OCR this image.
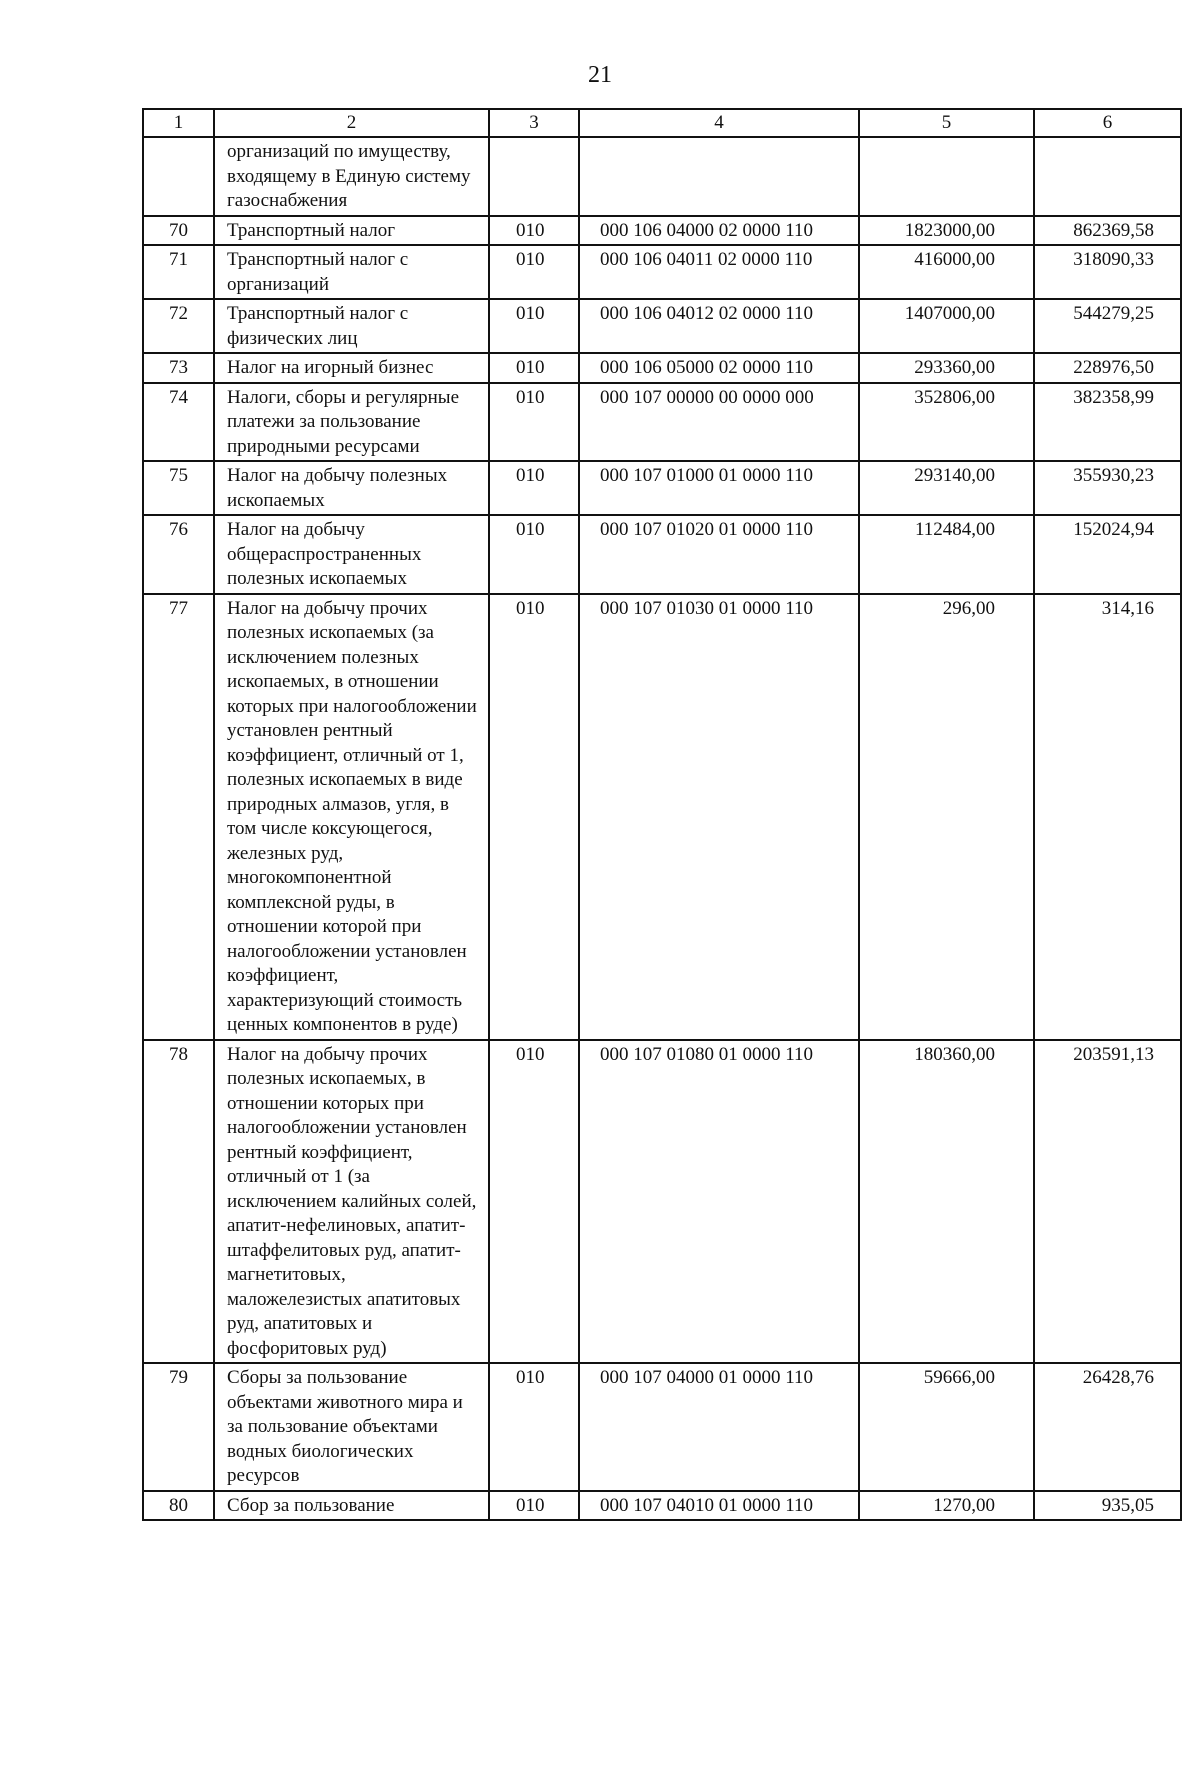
21
1	2	3	4	5	6
	организаций по имуществу, входящему в Единую систему газоснабжения				
70	Транспортный налог	010	000 106 04000 02 0000 110	1823000,00	862369,58
71	Транспортный налог с организаций	010	000 106 04011 02 0000 110	416000,00	318090,33
72	Транспортный налог с физических лиц	010	000 106 04012 02 0000 110	1407000,00	544279,25
73	Налог на игорный бизнес	010	000 106 05000 02 0000 110	293360,00	228976,50
74	Налоги, сборы и регулярные платежи за пользование природными ресурсами	010	000 107 00000 00 0000 000	352806,00	382358,99
75	Налог на добычу полезных ископаемых	010	000 107 01000 01 0000 110	293140,00	355930,23
76	Налог на добычу общераспространенных полезных ископаемых	010	000 107 01020 01 0000 110	112484,00	152024,94
77	Налог на добычу прочих полезных ископаемых (за исключением полезных ископаемых, в отношении которых при налогообложении установлен рентный коэффициент, отличный от 1, полезных ископаемых в виде природных алмазов, угля, в том числе коксующегося, железных руд, многокомпонентной комплексной руды, в отношении которой при налогообложении установлен коэффициент, характеризующий стоимость ценных компонентов в руде)	010	000 107 01030 01 0000 110	296,00	314,16
78	Налог на добычу прочих полезных ископаемых, в отношении которых при налогообложении установлен рентный коэффициент, отличный от 1 (за исключением калийных солей, апатит-нефелиновых, апатит-штаффелитовых руд, апатит-магнетитовых, маложелезистых апатитовых руд, апатитовых и фосфоритовых руд)	010	000 107 01080 01 0000 110	180360,00	203591,13
79	Сборы за пользование объектами животного мира и за пользование объектами водных биологических ресурсов	010	000 107 04000 01 0000 110	59666,00	26428,76
80	Сбор за пользование	010	000 107 04010 01 0000 110	1270,00	935,05
